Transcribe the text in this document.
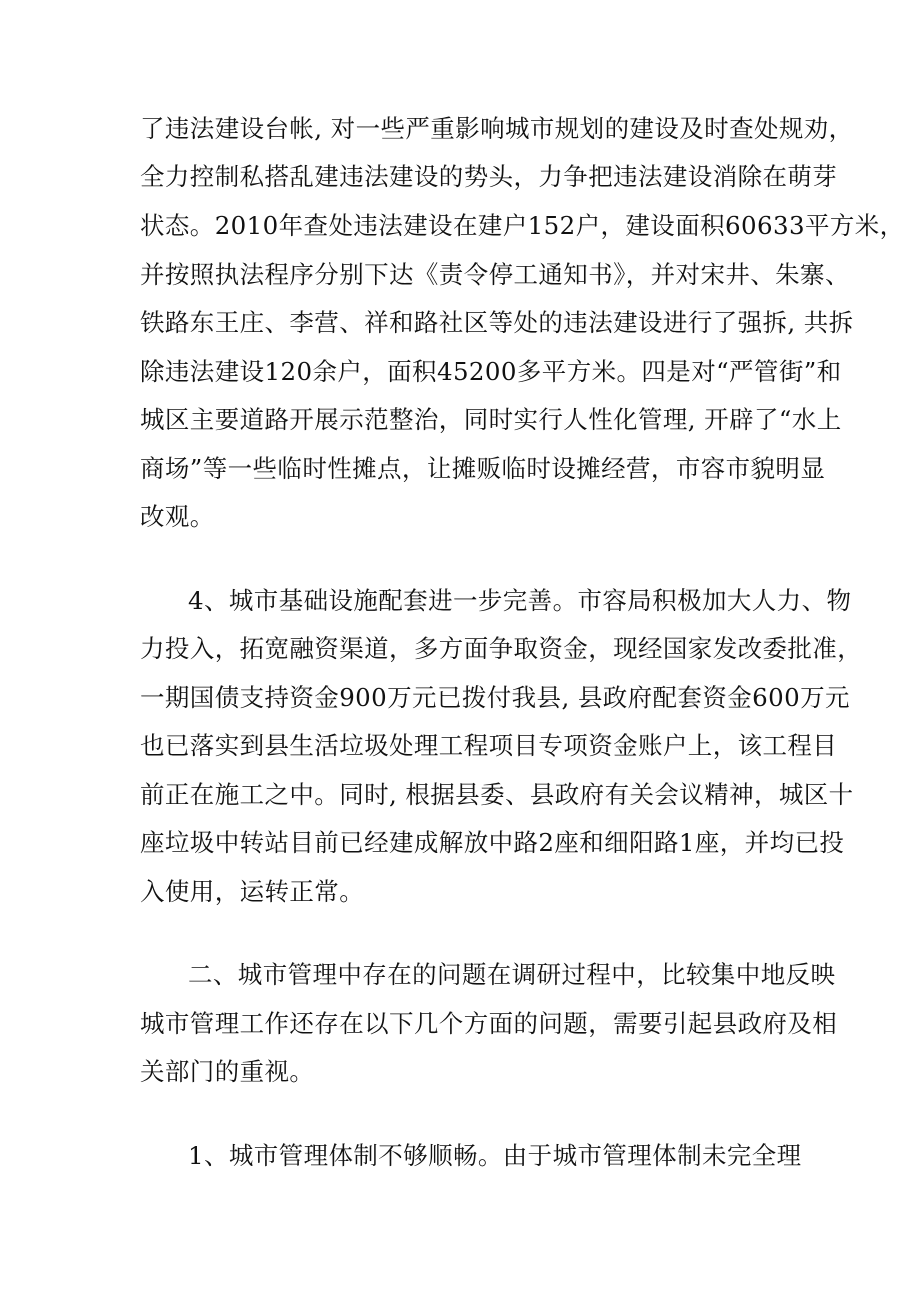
了违法建设台帐, 对一些严重影响城市规划的建设及时查处规劝，
全力控制私搭乱建违法建设的势头，力争把违法建设消除在萌芽
状态。2010年查处违法建设在建户152户，建设面积60633平方米，
并按照执法程序分别下达《责令停工通知书》，并对宋井、朱寨、
铁路东王庄、李营、祥和路社区等处的违法建设进行了强拆, 共拆
除违法建设120余户，面积45200多平方米。四是对“严管街”和
城区主要道路开展示范整治，同时实行人性化管理, 开辟了“水上
商场”等一些临时性摊点，让摊贩临时设摊经营，市容市貌明显
改观。
4、城市基础设施配套进一步完善。市容局积极加大人力、物
力投入，拓宽融资渠道，多方面争取资金，现经国家发改委批准，
一期国债支持资金900万元已拨付我县, 县政府配套资金600万元
也已落实到县生活垃圾处理工程项目专项资金账户上，该工程目
前正在施工之中。同时, 根据县委、县政府有关会议精神，城区十
座垃圾中转站目前已经建成解放中路2座和细阳路1座，并均已投
入使用，运转正常。
二、城市管理中存在的问题在调研过程中，比较集中地反映
城市管理工作还存在以下几个方面的问题，需要引起县政府及相
关部门的重视。
1、城市管理体制不够顺畅。由于城市管理体制未完全理
